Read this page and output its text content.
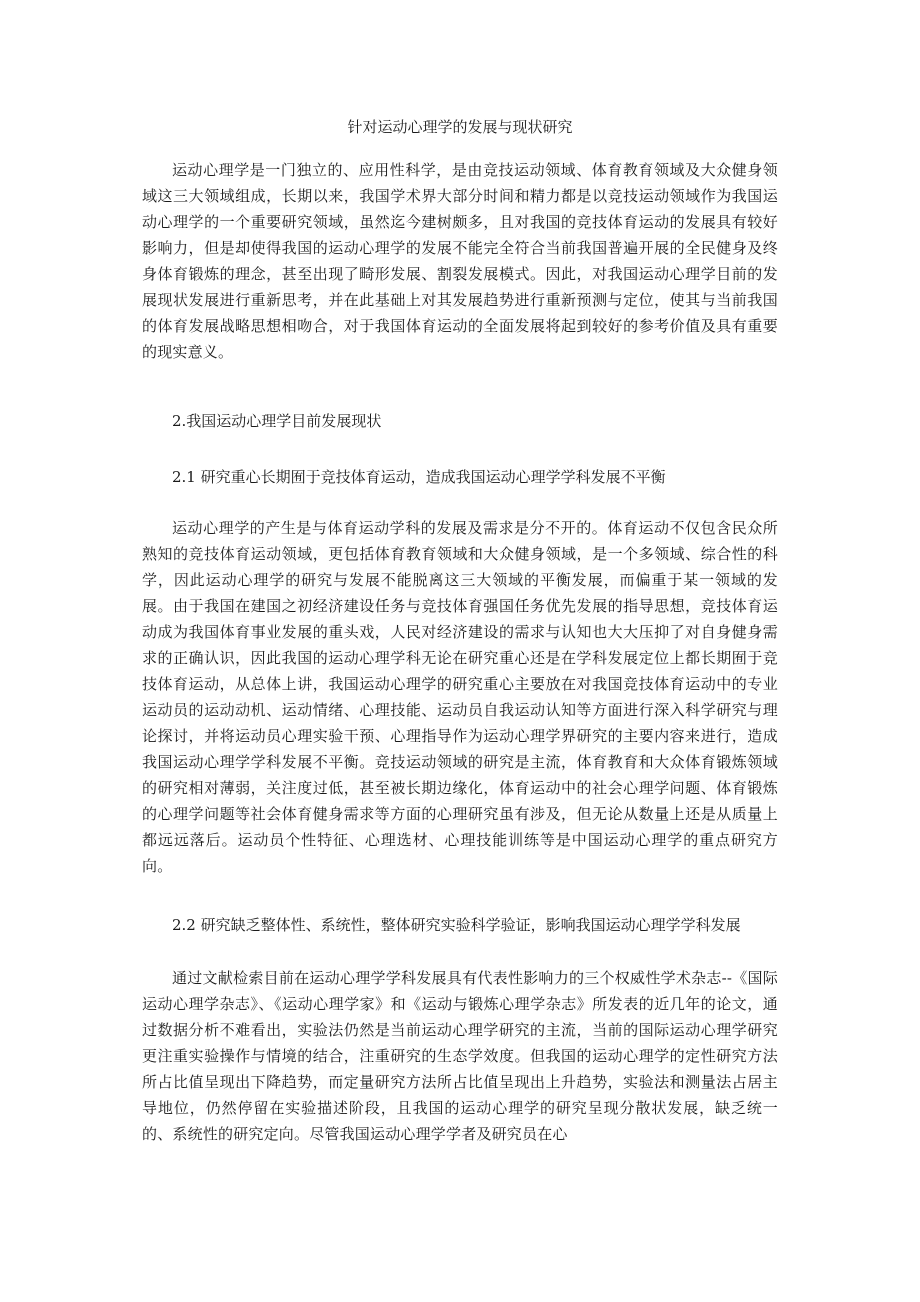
针对运动心理学的发展与现状研究

运动心理学是一门独立的、应用性科学，是由竞技运动领域、体育教育领域及大众健身领域这三大领域组成，长期以来，我国学术界大部分时间和精力都是以竞技运动领域作为我国运动心理学的一个重要研究领域，虽然迄今建树颇多，且对我国的竞技体育运动的发展具有较好影响力，但是却使得我国的运动心理学的发展不能完全符合当前我国普遍开展的全民健身及终身体育锻炼的理念，甚至出现了畸形发展、割裂发展模式。因此，对我国运动心理学目前的发展现状发展进行重新思考，并在此基础上对其发展趋势进行重新预测与定位，使其与当前我国的体育发展战略思想相吻合，对于我国体育运动的全面发展将起到较好的参考价值及具有重要的现实意义。

2.我国运动心理学目前发展现状
2.1 研究重心长期囿于竞技体育运动，造成我国运动心理学学科发展不平衡

运动心理学的产生是与体育运动学科的发展及需求是分不开的。体育运动不仅包含民众所熟知的竞技体育运动领域，更包括体育教育领域和大众健身领域，是一个多领域、综合性的科学，因此运动心理学的研究与发展不能脱离这三大领域的平衡发展，而偏重于某一领域的发展。由于我国在建国之初经济建设任务与竞技体育强国任务优先发展的指导思想，竞技体育运动成为我国体育事业发展的重头戏，人民对经济建设的需求与认知也大大压抑了对自身健身需求的正确认识，因此我国的运动心理学科无论在研究重心还是在学科发展定位上都长期囿于竞技体育运动，从总体上讲，我国运动心理学的研究重心主要放在对我国竞技体育运动中的专业运动员的运动动机、运动情绪、心理技能、运动员自我运动认知等方面进行深入科学研究与理论探讨，并将运动员心理实验干预、心理指导作为运动心理学界研究的主要内容来进行，造成我国运动心理学学科发展不平衡。竞技运动领域的研究是主流，体育教育和大众体育锻炼领域的研究相对薄弱，关注度过低，甚至被长期边缘化，体育运动中的社会心理学问题、体育锻炼的心理学问题等社会体育健身需求等方面的心理研究虽有涉及，但无论从数量上还是从质量上都远远落后。运动员个性特征、心理选材、心理技能训练等是中国运动心理学的重点研究方向。

2.2 研究缺乏整体性、系统性，整体研究实验科学验证，影响我国运动心理学学科发展

通过文献检索目前在运动心理学学科发展具有代表性影响力的三个权威性学术杂志--《国际运动心理学杂志》、《运动心理学家》和《运动与锻炼心理学杂志》所发表的近几年的论文，通过数据分析不难看出，实验法仍然是当前运动心理学研究的主流，当前的国际运动心理学研究更注重实验操作与情境的结合，注重研究的生态学效度。但我国的运动心理学的定性研究方法所占比值呈现出下降趋势，而定量研究方法所占比值呈现出上升趋势，实验法和测量法占居主导地位，仍然停留在实验描述阶段，且我国的运动心理学的研究呈现分散状发展，缺乏统一的、系统性的研究定向。尽管我国运动心理学学者及研究员在心
